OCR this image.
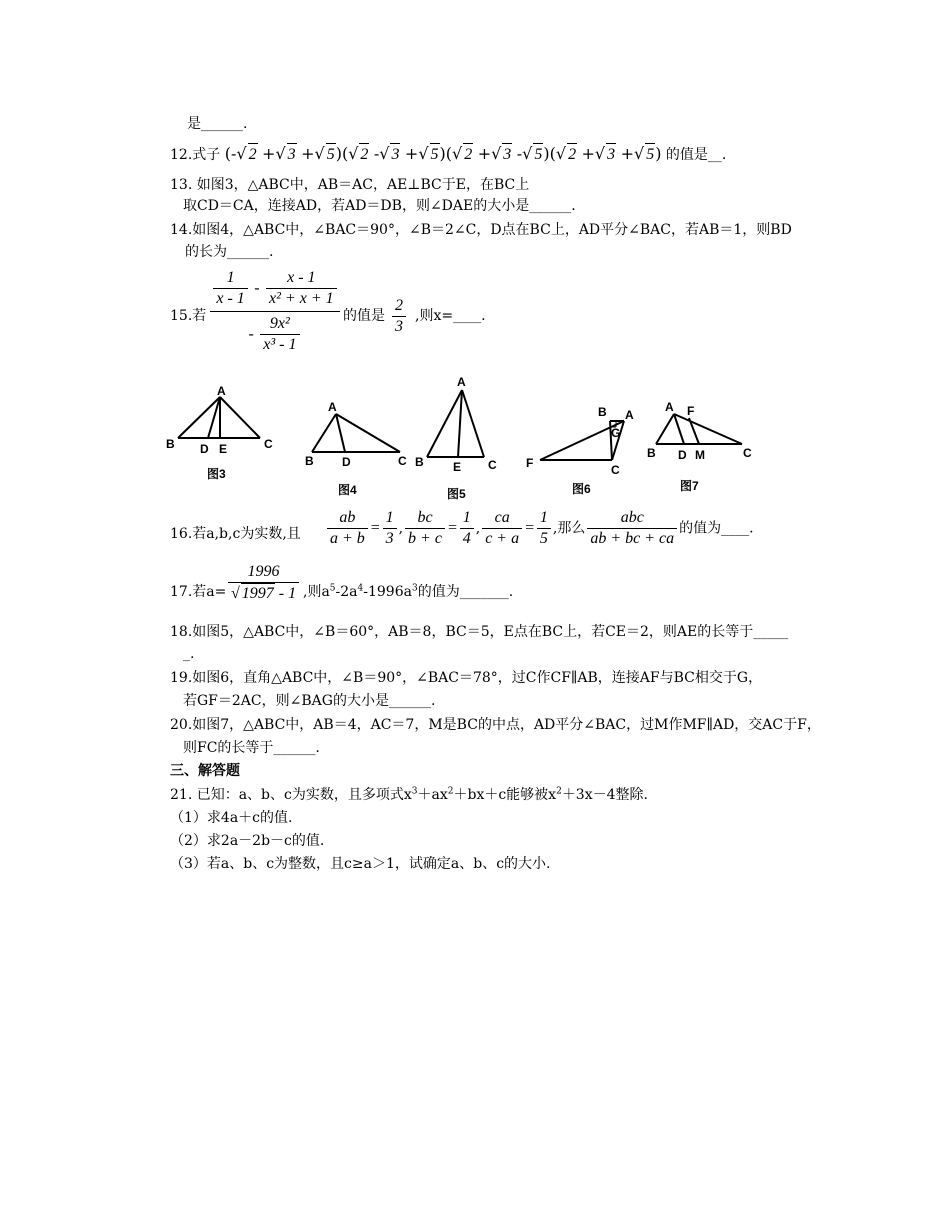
是______.
12.式子 (-√ 2 +√ 3 +√ 5)(√ 2 -√ 3 +√ 5)(√ 2 +√ 3 -√ 5)(√ 2 +√ 3 +√ 5) 的值是__.
13. 如图3，△ABC中，AB＝AC，AE⊥BC于E，在BC上
取CD＝CA，连接AD，若AD＝DB，则∠DAE的大小是______.
14.如图4，△ABC中，∠BAC＝90°，∠B＝2∠C，D点在BC上，AD平分∠BAC，若AB＝1，则BD
的长为______.
15.若 $\frac{\frac{1}{x - 1} - \frac{x - 1}{\text{x² + x + 1}}}{- \frac{\text{9x²}}{\text{x³ - 1}}}$ 的值是 $\frac{2}{3}$ ,则x=____.
A
B	C
D E
图3
A
B	C
D
图4
A
B	C
E
图5
B A
G
F	C
图6
A F
B D M	C
图7
16.若a,b,c为实数,且 $\frac{ab}{a + b} = \frac{1}{3}$ , $\frac{bc}{b + c} = \frac{1}{4}$ , $\frac{ca}{c + a} = \frac{1}{5}$ ,那么 $\frac{\text{abc}}{ab + bc + ca}$ 的值为____.
17.若$a= \frac{1996}{√ 1997 - 1}$ ,则$a^5-2a^4-1996a^3$的值为_______.
18.如图5，△ABC中，∠B＝60°，AB＝8，BC＝5，E点在BC上，若CE＝2，则AE的长等于_____
_.
19.如图6，直角△ABC中，∠B＝90°，∠BAC＝78°，过C作CF∥AB，连接AF与BC相交于G，
若GF＝2AC，则∠BAG的大小是______.
20.如图7，△ABC中，AB＝4，AC＝7，M是BC的中点，AD平分∠BAC，过M作MF∥AD，交AC于F，
则FC的长等于______.
三、解答题
21. 已知：a、b、c为实数，且多项式$x^3+ax^2+bx+c$能够被$x^2+3x-4$整除.
（1）求4a＋c的值.
（2）求2a－2b－c的值.
（3）若a、b、c为整数，且c≥a＞1，试确定a、b、c的大小.
